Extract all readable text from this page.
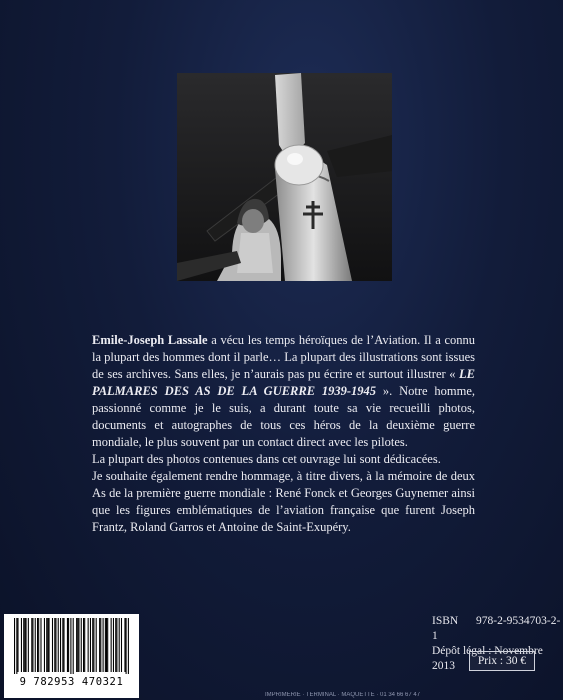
Emile-Joseph Lassale a vécu les temps héroïques de l’Aviation. Il a connu la plupart des hommes dont il parle… La plupart des illustrations sont issues de ses archives. Sans elles, je n’aurais pas pu écrire et surtout illustrer « LE PALMARES DES AS DE LA GUERRE 1939-1945 ». Notre homme, passionné comme je le suis, a durant toute sa vie recueilli photos, documents et autographes de tous ces héros de la deuxième guerre mondiale, le plus souvent par un contact direct avec les pilotes.

La plupart des photos contenues dans cet ouvrage lui sont dédicacées.

Je souhaite également rendre hommage, à titre divers, à la mémoire de deux As de la première guerre mondiale : René Fonck et Georges Guynemer ainsi que les figures emblématiques de l’aviation française que furent Joseph Frantz, Roland Garros et Antoine de Saint-Exupéry.

ISBN 978-2-9534703-2-1
Dépôt légal : Novembre 2013	Prix : 30 €
9 782953 470321
IMPRIMERIE · TERMINAL · MAQUETTE · 01 34 66 67 47
